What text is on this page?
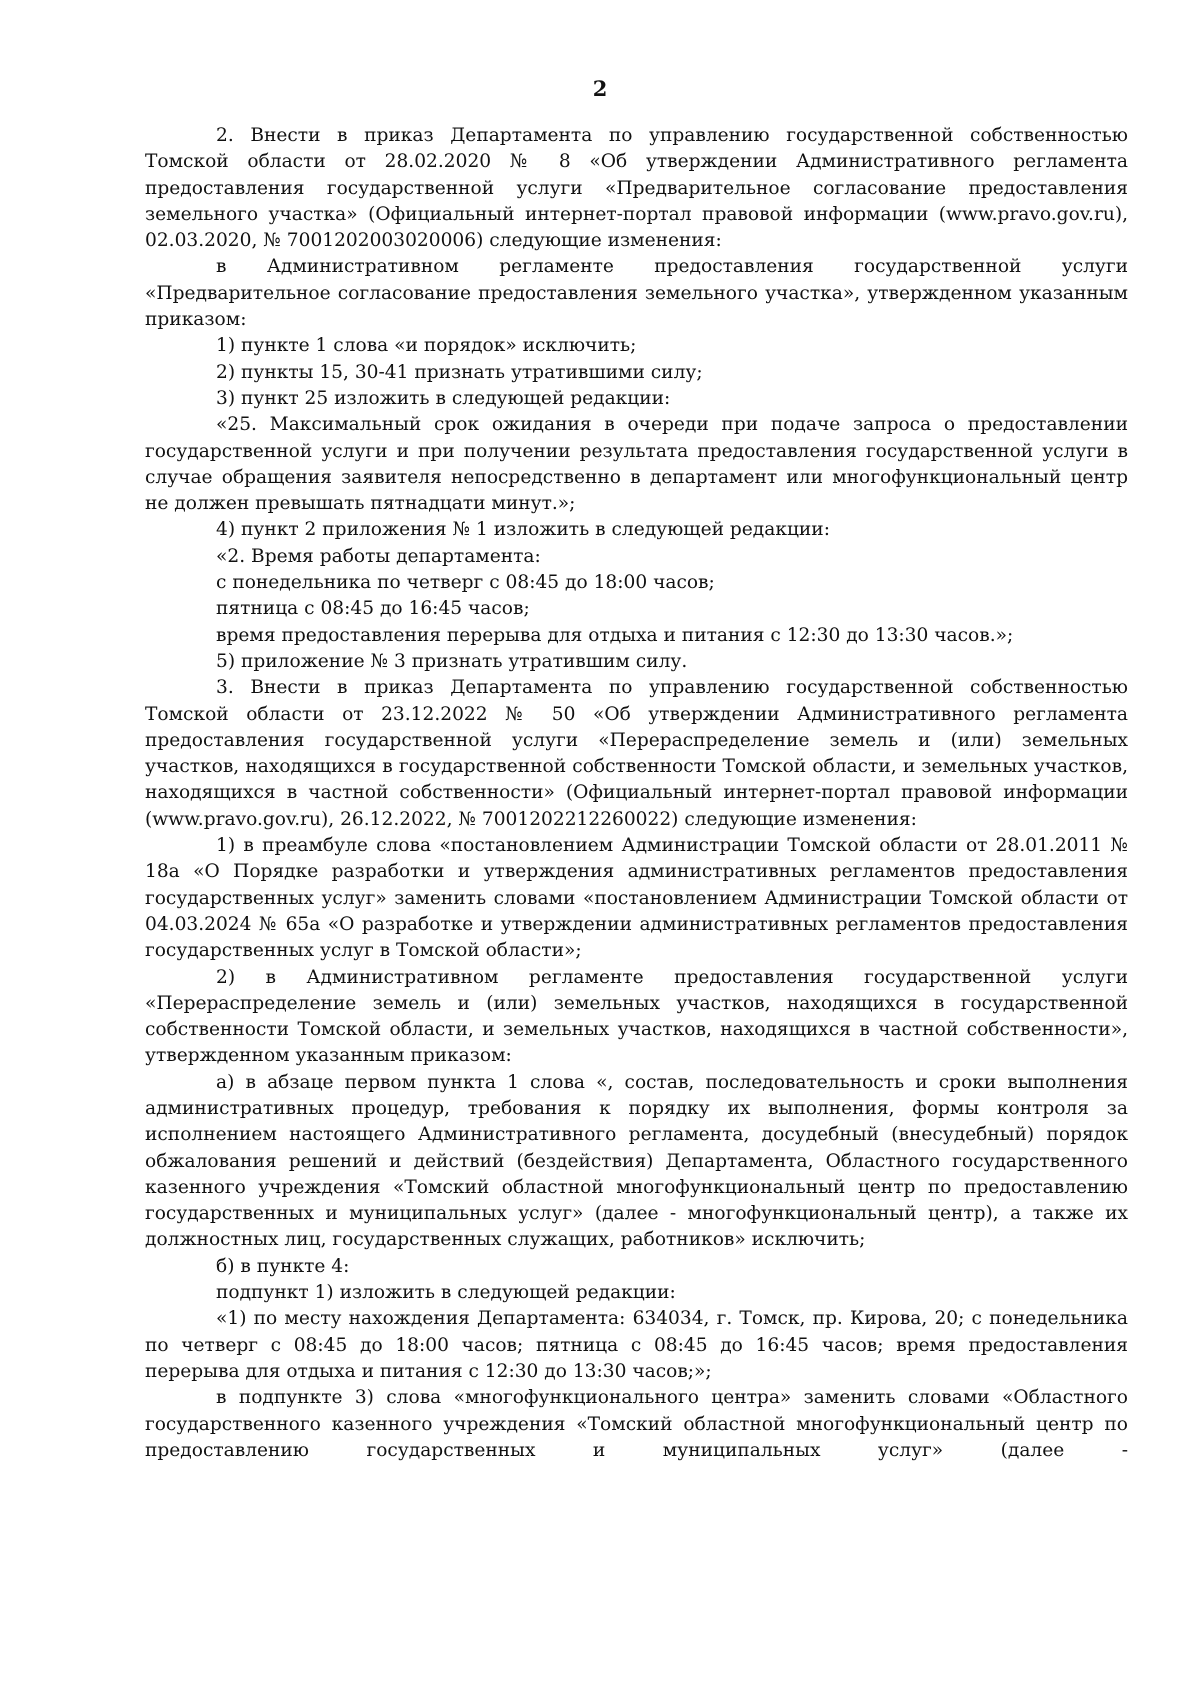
2

2. Внести в приказ Департамента по управлению государственной собственностью Томской области от 28.02.2020 № 8 «Об утверждении Административного регламента предоставления государственной услуги «Предварительное согласование предоставления земельного участка» (Официальный интернет-портал правовой информации (www.pravo.gov.ru), 02.03.2020, № 7001202003020006) следующие изменения:

в Административном регламенте предоставления государственной услуги «Предварительное согласование предоставления земельного участка», утвержденном указанным приказом:

1) пункте 1 слова «и порядок» исключить;

2) пункты 15, 30-41 признать утратившими силу;

3) пункт 25 изложить в следующей редакции:

«25. Максимальный срок ожидания в очереди при подаче запроса о предоставлении государственной услуги и при получении результата предоставления государственной услуги в случае обращения заявителя непосредственно в департамент или многофункциональный центр не должен превышать пятнадцати минут.»;

4) пункт 2 приложения № 1 изложить в следующей редакции:

«2. Время работы департамента:

с понедельника по четверг с 08:45 до 18:00 часов;

пятница с 08:45 до 16:45 часов;

время предоставления перерыва для отдыха и питания с 12:30 до 13:30 часов.»;

5) приложение № 3 признать утратившим силу.

3. Внести в приказ Департамента по управлению государственной собственностью Томской области от 23.12.2022 № 50 «Об утверждении Административного регламента предоставления государственной услуги «Перераспределение земель и (или) земельных участков, находящихся в государственной собственности Томской области, и земельных участков, находящихся в частной собственности» (Официальный интернет-портал правовой информации (www.pravo.gov.ru), 26.12.2022, № 7001202212260022) следующие изменения:

1) в преамбуле слова «постановлением Администрации Томской области от 28.01.2011 № 18а «О Порядке разработки и утверждения административных регламентов предоставления государственных услуг» заменить словами «постановлением Администрации Томской области от 04.03.2024 № 65а «О разработке и утверждении административных регламентов предоставления государственных услуг в Томской области»;

2) в Административном регламенте предоставления государственной услуги «Перераспределение земель и (или) земельных участков, находящихся в государственной собственности Томской области, и земельных участков, находящихся в частной собственности», утвержденном указанным приказом:

а) в абзаце первом пункта 1 слова «, состав, последовательность и сроки выполнения административных процедур, требования к порядку их выполнения, формы контроля за исполнением настоящего Административного регламента, досудебный (внесудебный) порядок обжалования решений и действий (бездействия) Департамента, Областного государственного казенного учреждения «Томский областной многофункциональный центр по предоставлению государственных и муниципальных услуг» (далее - многофункциональный центр), а также их должностных лиц, государственных служащих, работников» исключить;

б) в пункте 4:

подпункт 1) изложить в следующей редакции:

«1) по месту нахождения Департамента: 634034, г. Томск, пр. Кирова, 20; с понедельника по четверг с 08:45 до 18:00 часов; пятница с 08:45 до 16:45 часов; время предоставления перерыва для отдыха и питания с 12:30 до 13:30 часов;»;

в подпункте 3) слова «многофункционального центра» заменить словами «Областного государственного казенного учреждения «Томский областной многофункциональный центр по предоставлению государственных и муниципальных услуг» (далее -
